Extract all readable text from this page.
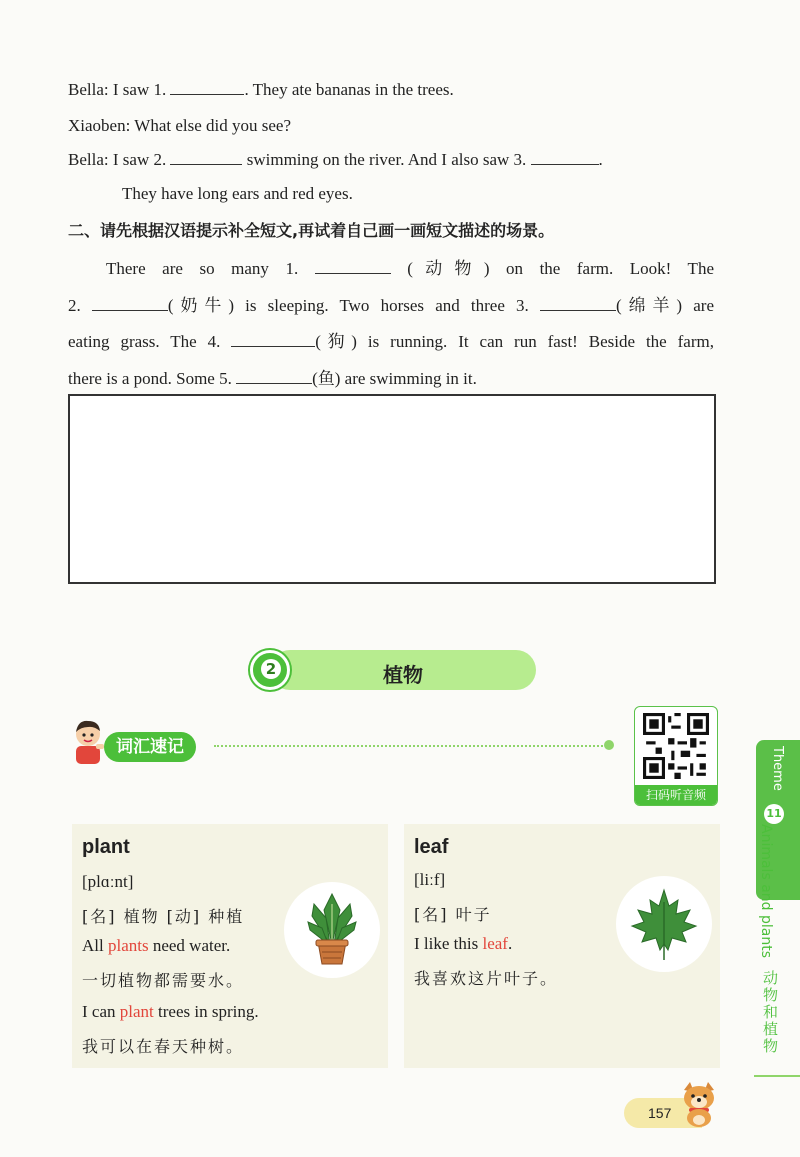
Bella: I saw 1.	. They ate bananas in the trees.
Xiaoben: What else did you see?
Bella: I saw 2.	swimming on the river. And I also saw 3.	.
They have long ears and red eyes.
二、请先根据汉语提示补全短文,再试着自己画一画短文描述的场景。
There are so many 1.	(动物) on the farm. Look! The
2.	(奶牛) is sleeping. Two horses and three 3.	(绵羊) are
eating grass. The 4.	(狗) is running. It can run fast! Beside the farm,
there is a pond. Some 5.	(鱼) are swimming in it.
植物
2
词汇速记
扫码听音频
Theme
11
Animals and plants
动物和植物
plant
[plɑːnt]
[名] 植物 [动] 种植
All plants need water.
一切植物都需要水。
I can plant trees in spring.
我可以在春天种树。
leaf
[liːf]
[名] 叶子
I like this leaf.
我喜欢这片叶子。
157
